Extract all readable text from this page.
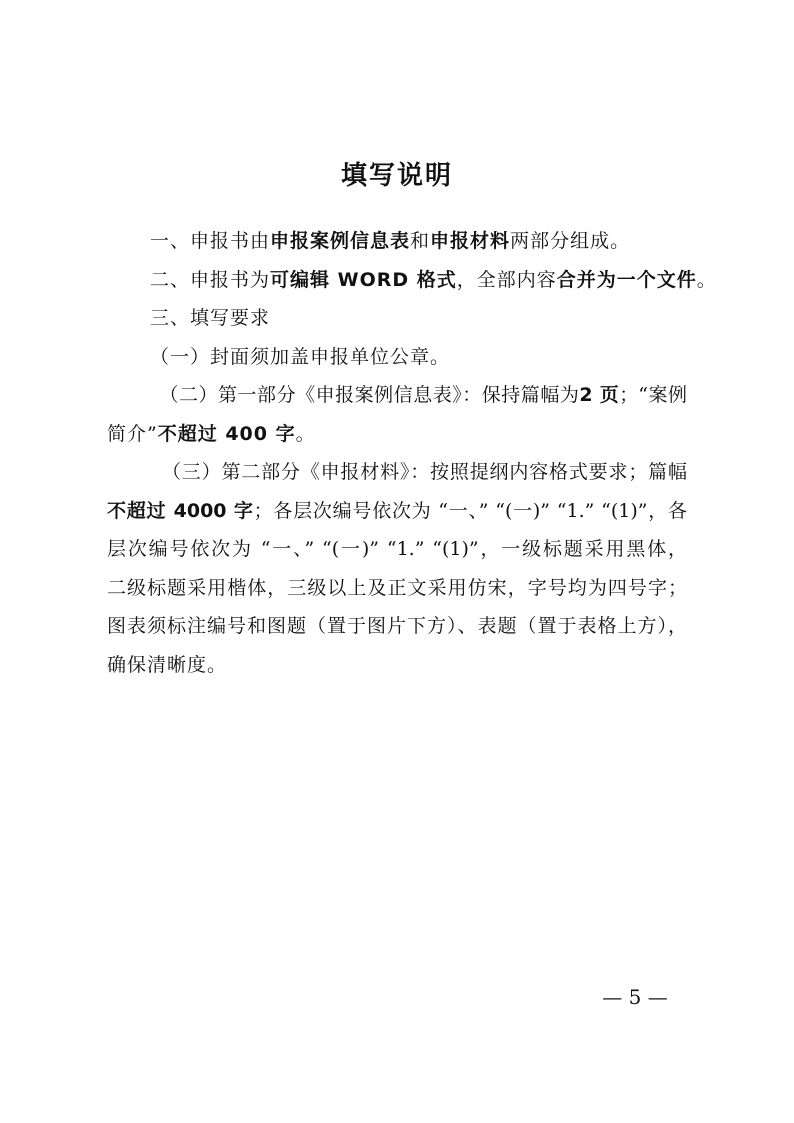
填写说明
一、申报书由申报案例信息表和申报材料两部分组成。
二、申报书为可编辑 WORD 格式，全部内容合并为一个文件。
三、填写要求
（一）封面须加盖申报单位公章。
（二）第一部分《申报案例信息表》：保持篇幅为2 页；“案例
简介”不超过 400 字。
（三）第二部分《申报材料》：按照提纲内容格式要求；篇幅
不超过 4000 字；各层次编号依次为 “一、” “(一)” “1.” “(1)”，各
层次编号依次为 “一、” “(一)” “1.” “(1)”，一级标题采用黑体，
二级标题采用楷体，三级以上及正文采用仿宋，字号均为四号字；
图表须标注编号和图题（置于图片下方）、表题（置于表格上方），
确保清晰度。
— 5 —
